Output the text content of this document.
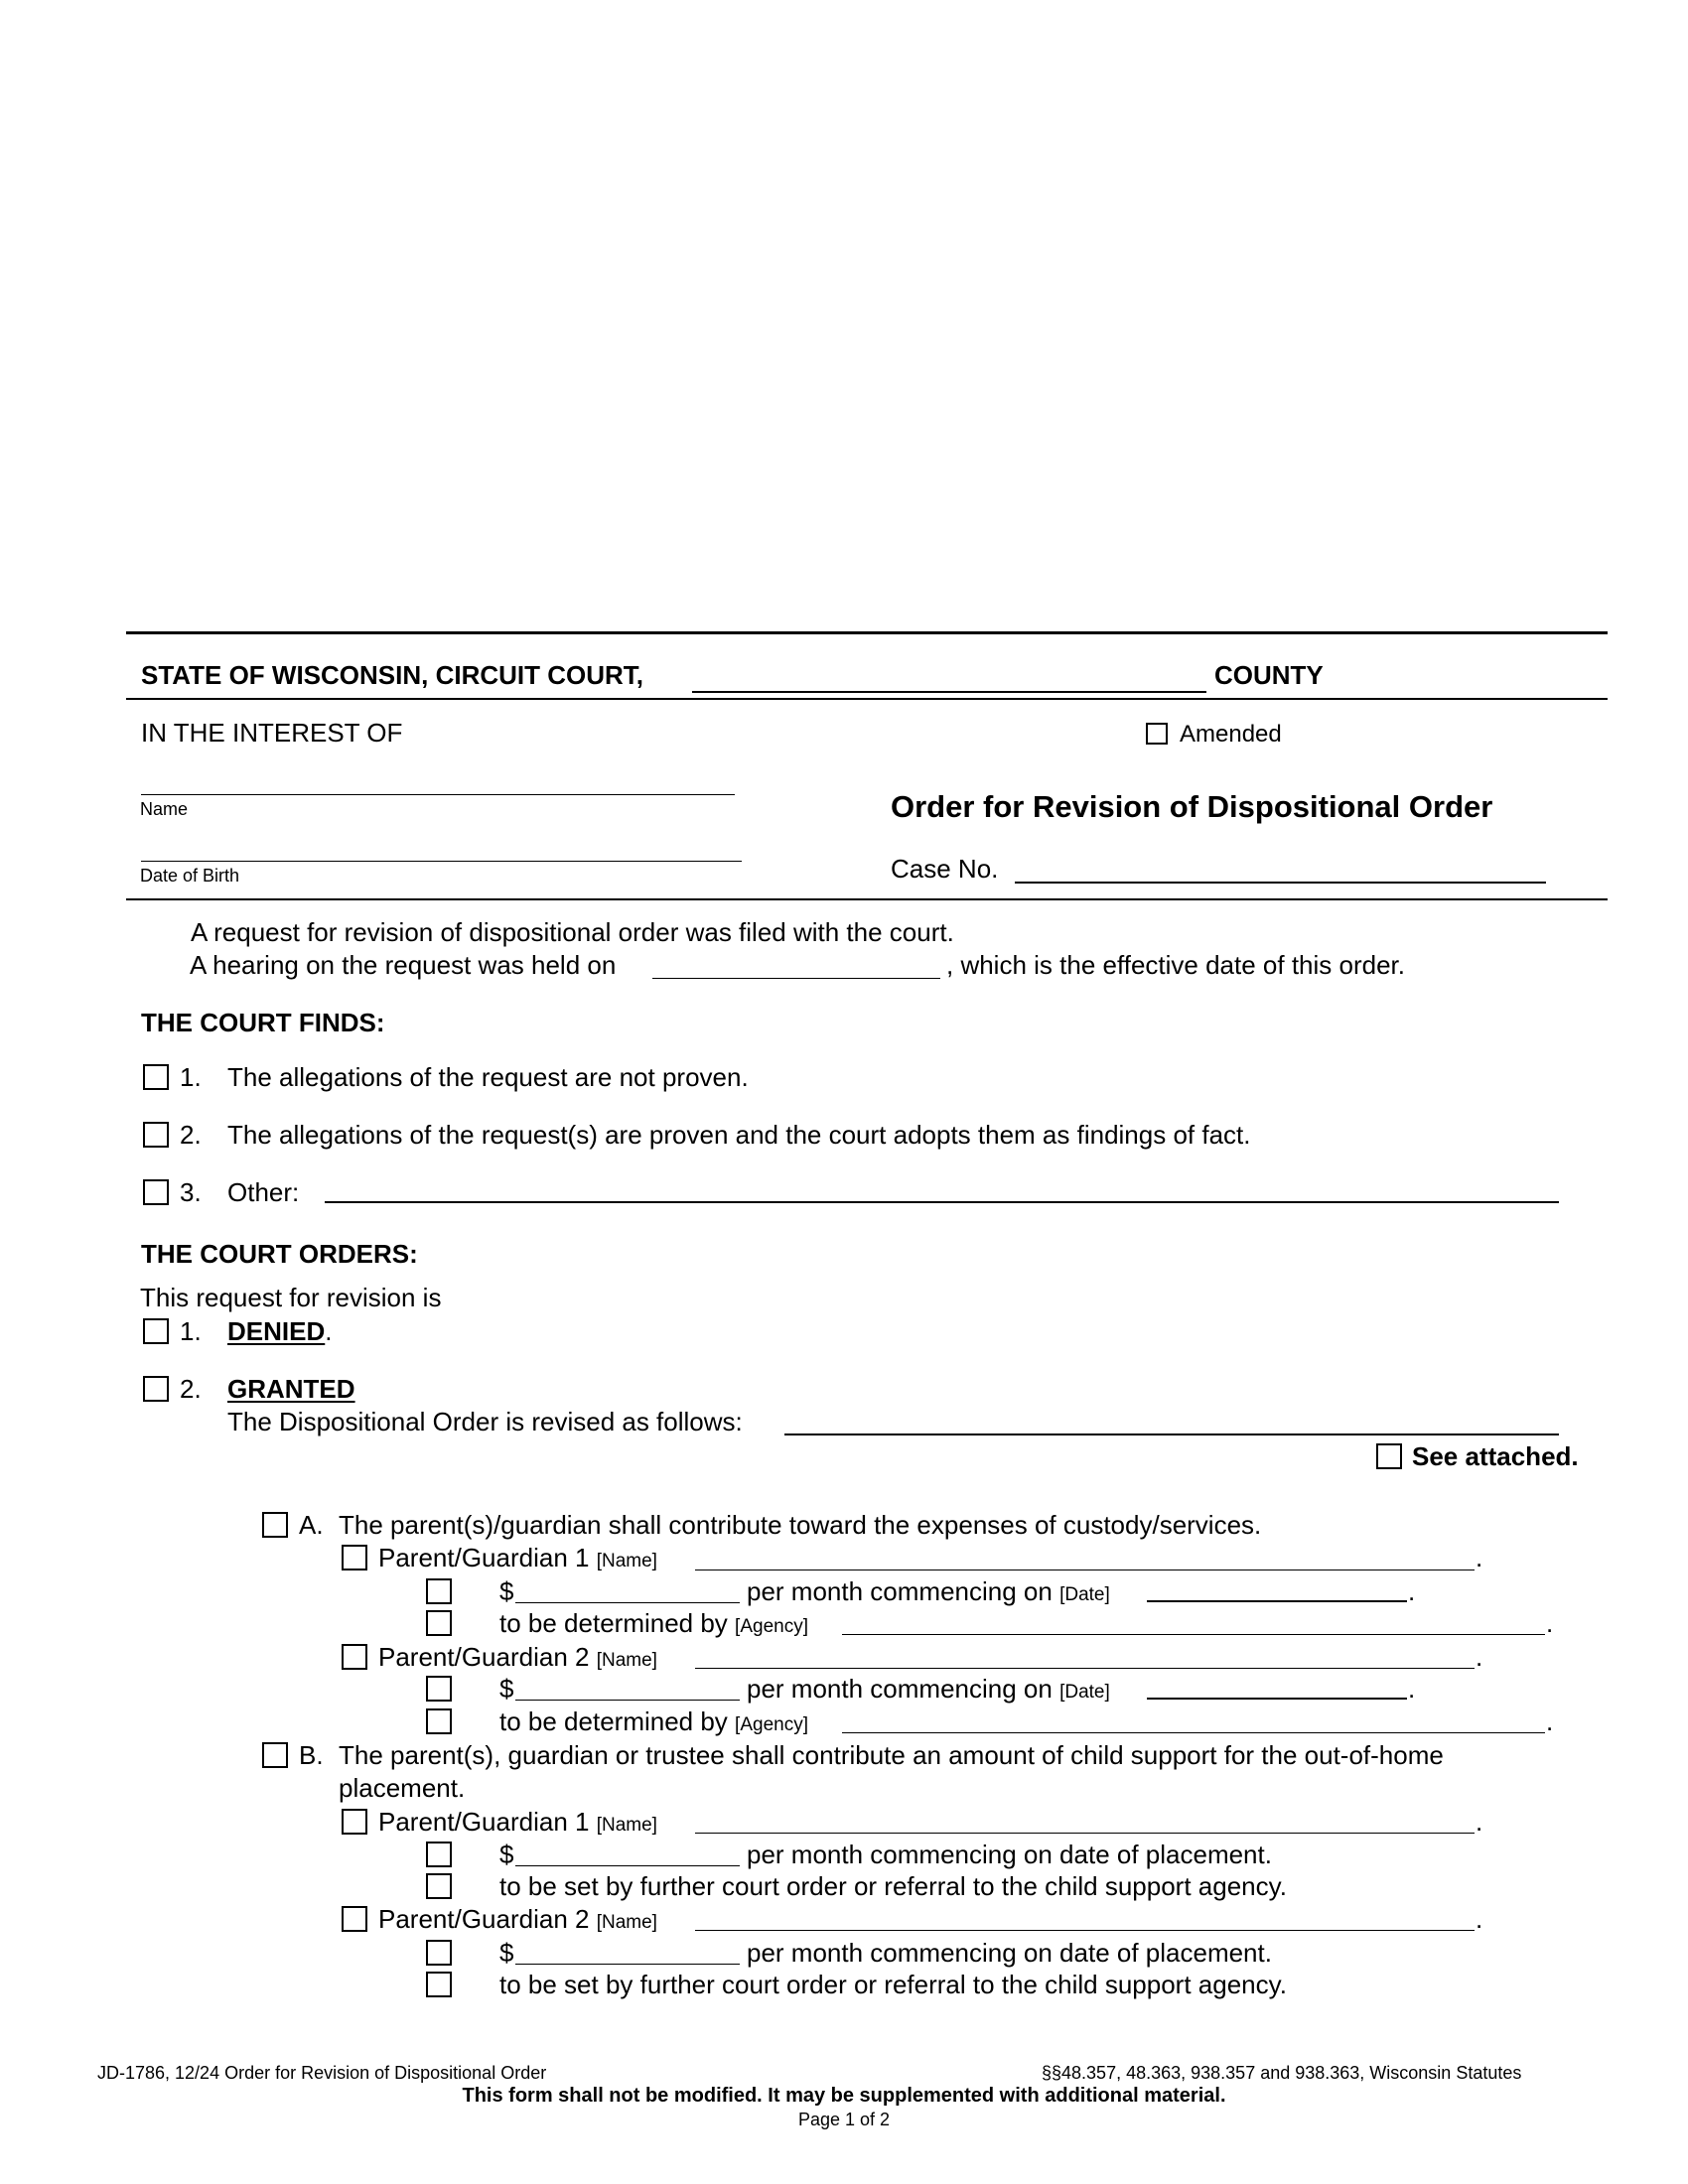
STATE OF WISCONSIN, CIRCUIT COURT,	COUNTY
IN THE INTEREST OF	Amended
Name	Order for Revision of Dispositional Order
Date of Birth	Case No.
A request for revision of dispositional order was filed with the court.
A hearing on the request was held on	, which is the effective date of this order.
THE COURT FINDS:
1. The allegations of the request are not proven.
2. The allegations of the request(s) are proven and the court adopts them as findings of fact.
3. Other:
THE COURT ORDERS:
This request for revision is
1. DENIED.
2. GRANTED
The Dispositional Order is revised as follows:
See attached.
A. The parent(s)/guardian shall contribute toward the expenses of custody/services.
Parent/Guardian 1 [Name]	.
$	per month commencing on [Date]	.
to be determined by [Agency]	.
Parent/Guardian 2 [Name]	.
$	per month commencing on [Date]	.
to be determined by [Agency]	.
B. The parent(s), guardian or trustee shall contribute an amount of child support for the out-of-home
placement.
Parent/Guardian 1 [Name]	.
$	per month commencing on date of placement.
to be set by further court order or referral to the child support agency.
Parent/Guardian 2 [Name]	.
$	per month commencing on date of placement.
to be set by further court order or referral to the child support agency.
JD-1786, 12/24 Order for Revision of Dispositional Order	§§48.357, 48.363, 938.357 and 938.363, Wisconsin Statutes
This form shall not be modified. It may be supplemented with additional material.
Page 1 of 2
